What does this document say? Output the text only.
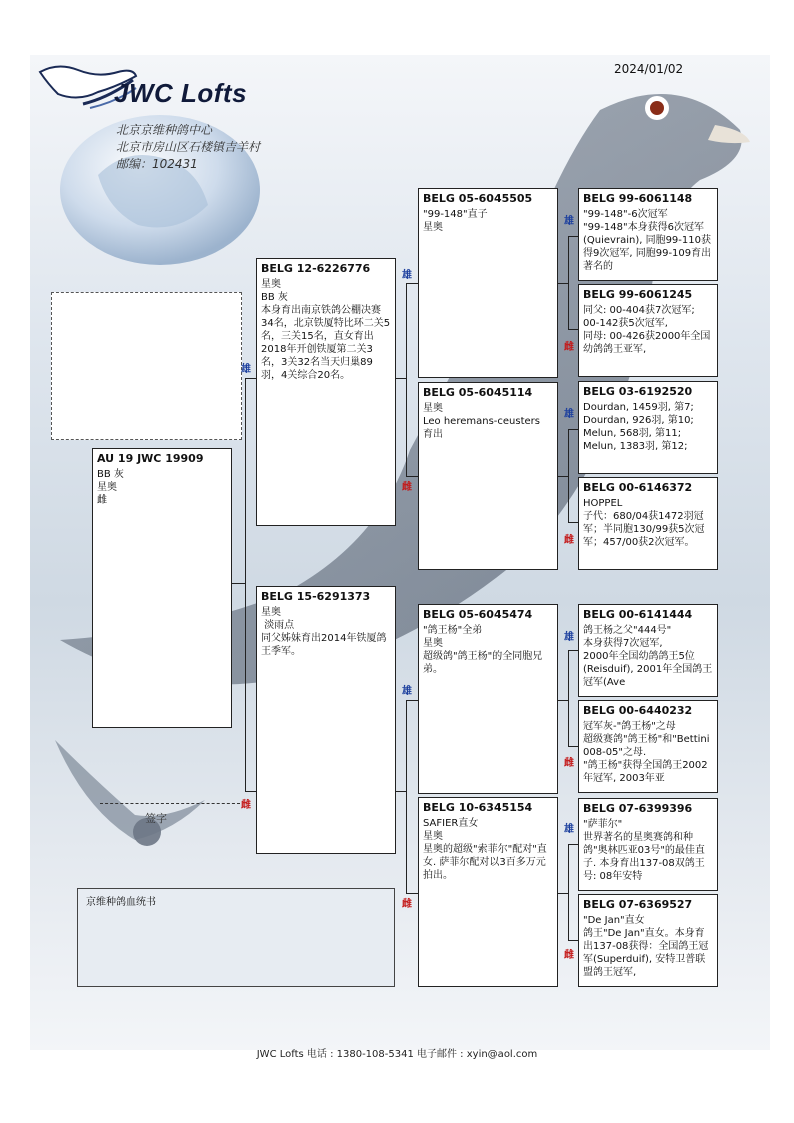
JWC Lofts
2024/01/02
北京京维种鸽中心
北京市房山区石楼镇吉羊村
邮编：102431
雄
雌
雄
雌
雄
雌
雄
雌
雄
雌
雄
雌
雄
雌
AU 19 JWC 19909
BB 灰
星奥
雌
BELG 12-6226776
星奥
BB 灰
本身育出南京铁鸽公棚决赛34名，北京铁厦特比环二关5名，三关15名，直女育出2018年开创铁厦第二关3名，3关32名当天归巢89羽，4关综合20名。
BELG 15-6291373
星奥
淡雨点
同父姊妹育出2014年铁厦鸽王季军。
BELG 05-6045505
"99-148"直子
星奥
BELG 05-6045114
星奥
Leo heremans-ceusters 育出
BELG 05-6045474
"鸽王杨"全弟
星奥
超级鸽"鸽王杨"的全同胞兄弟。
BELG 10-6345154
SAFIER直女
星奥
星奥的超级"索菲尔"配对"直女. 萨菲尔配对以3百多万元拍出。
BELG 99-6061148
"99-148"-6次冠军
"99-148"本身获得6次冠军(Quievrain), 同胞99-110获得9次冠军, 同胞99-109育出著名的
BELG 99-6061245
同父: 00-404获7次冠军; 00-142获5次冠军,
同母: 00-426获2000年全国幼鸽鸽王亚军,
BELG 03-6192520
Dourdan, 1459羽, 第7;
Dourdan, 926羽, 第10;
Melun, 568羽, 第11;
Melun, 1383羽, 第12;
BELG 00-6146372
HOPPEL
子代：680/04获1472羽冠军；半同胞130/99获5次冠军；457/00获2次冠军。
BELG 00-6141444
鸽王杨之父"444号"
本身获得7次冠军,
2000年全国幼鸽鸽王5位(Reisduif), 2001年全国鸽王冠军(Ave
BELG 00-6440232
冠军灰-"鸽王杨"之母
超级赛鸽"鸽王杨"和"Bettini 008-05"之母.
"鸽王杨"获得全国鸽王2002年冠军, 2003年亚
BELG 07-6399396
"萨菲尔"
世界著名的星奥赛鸽和种鸽"奥林匹亚03号"的最佳直子. 本身育出137-08双鸽王号: 08年安特
BELG 07-6369527
"De Jan"直女
鸽王"De Jan"直女。本身育出137-08获得：全国鸽王冠军(Superduif), 安特卫普联盟鸽王冠军,
签字
京维种鸽血统书
JWC Lofts 电话 : 1380-108-5341 电子邮件 : xyin@aol.com
